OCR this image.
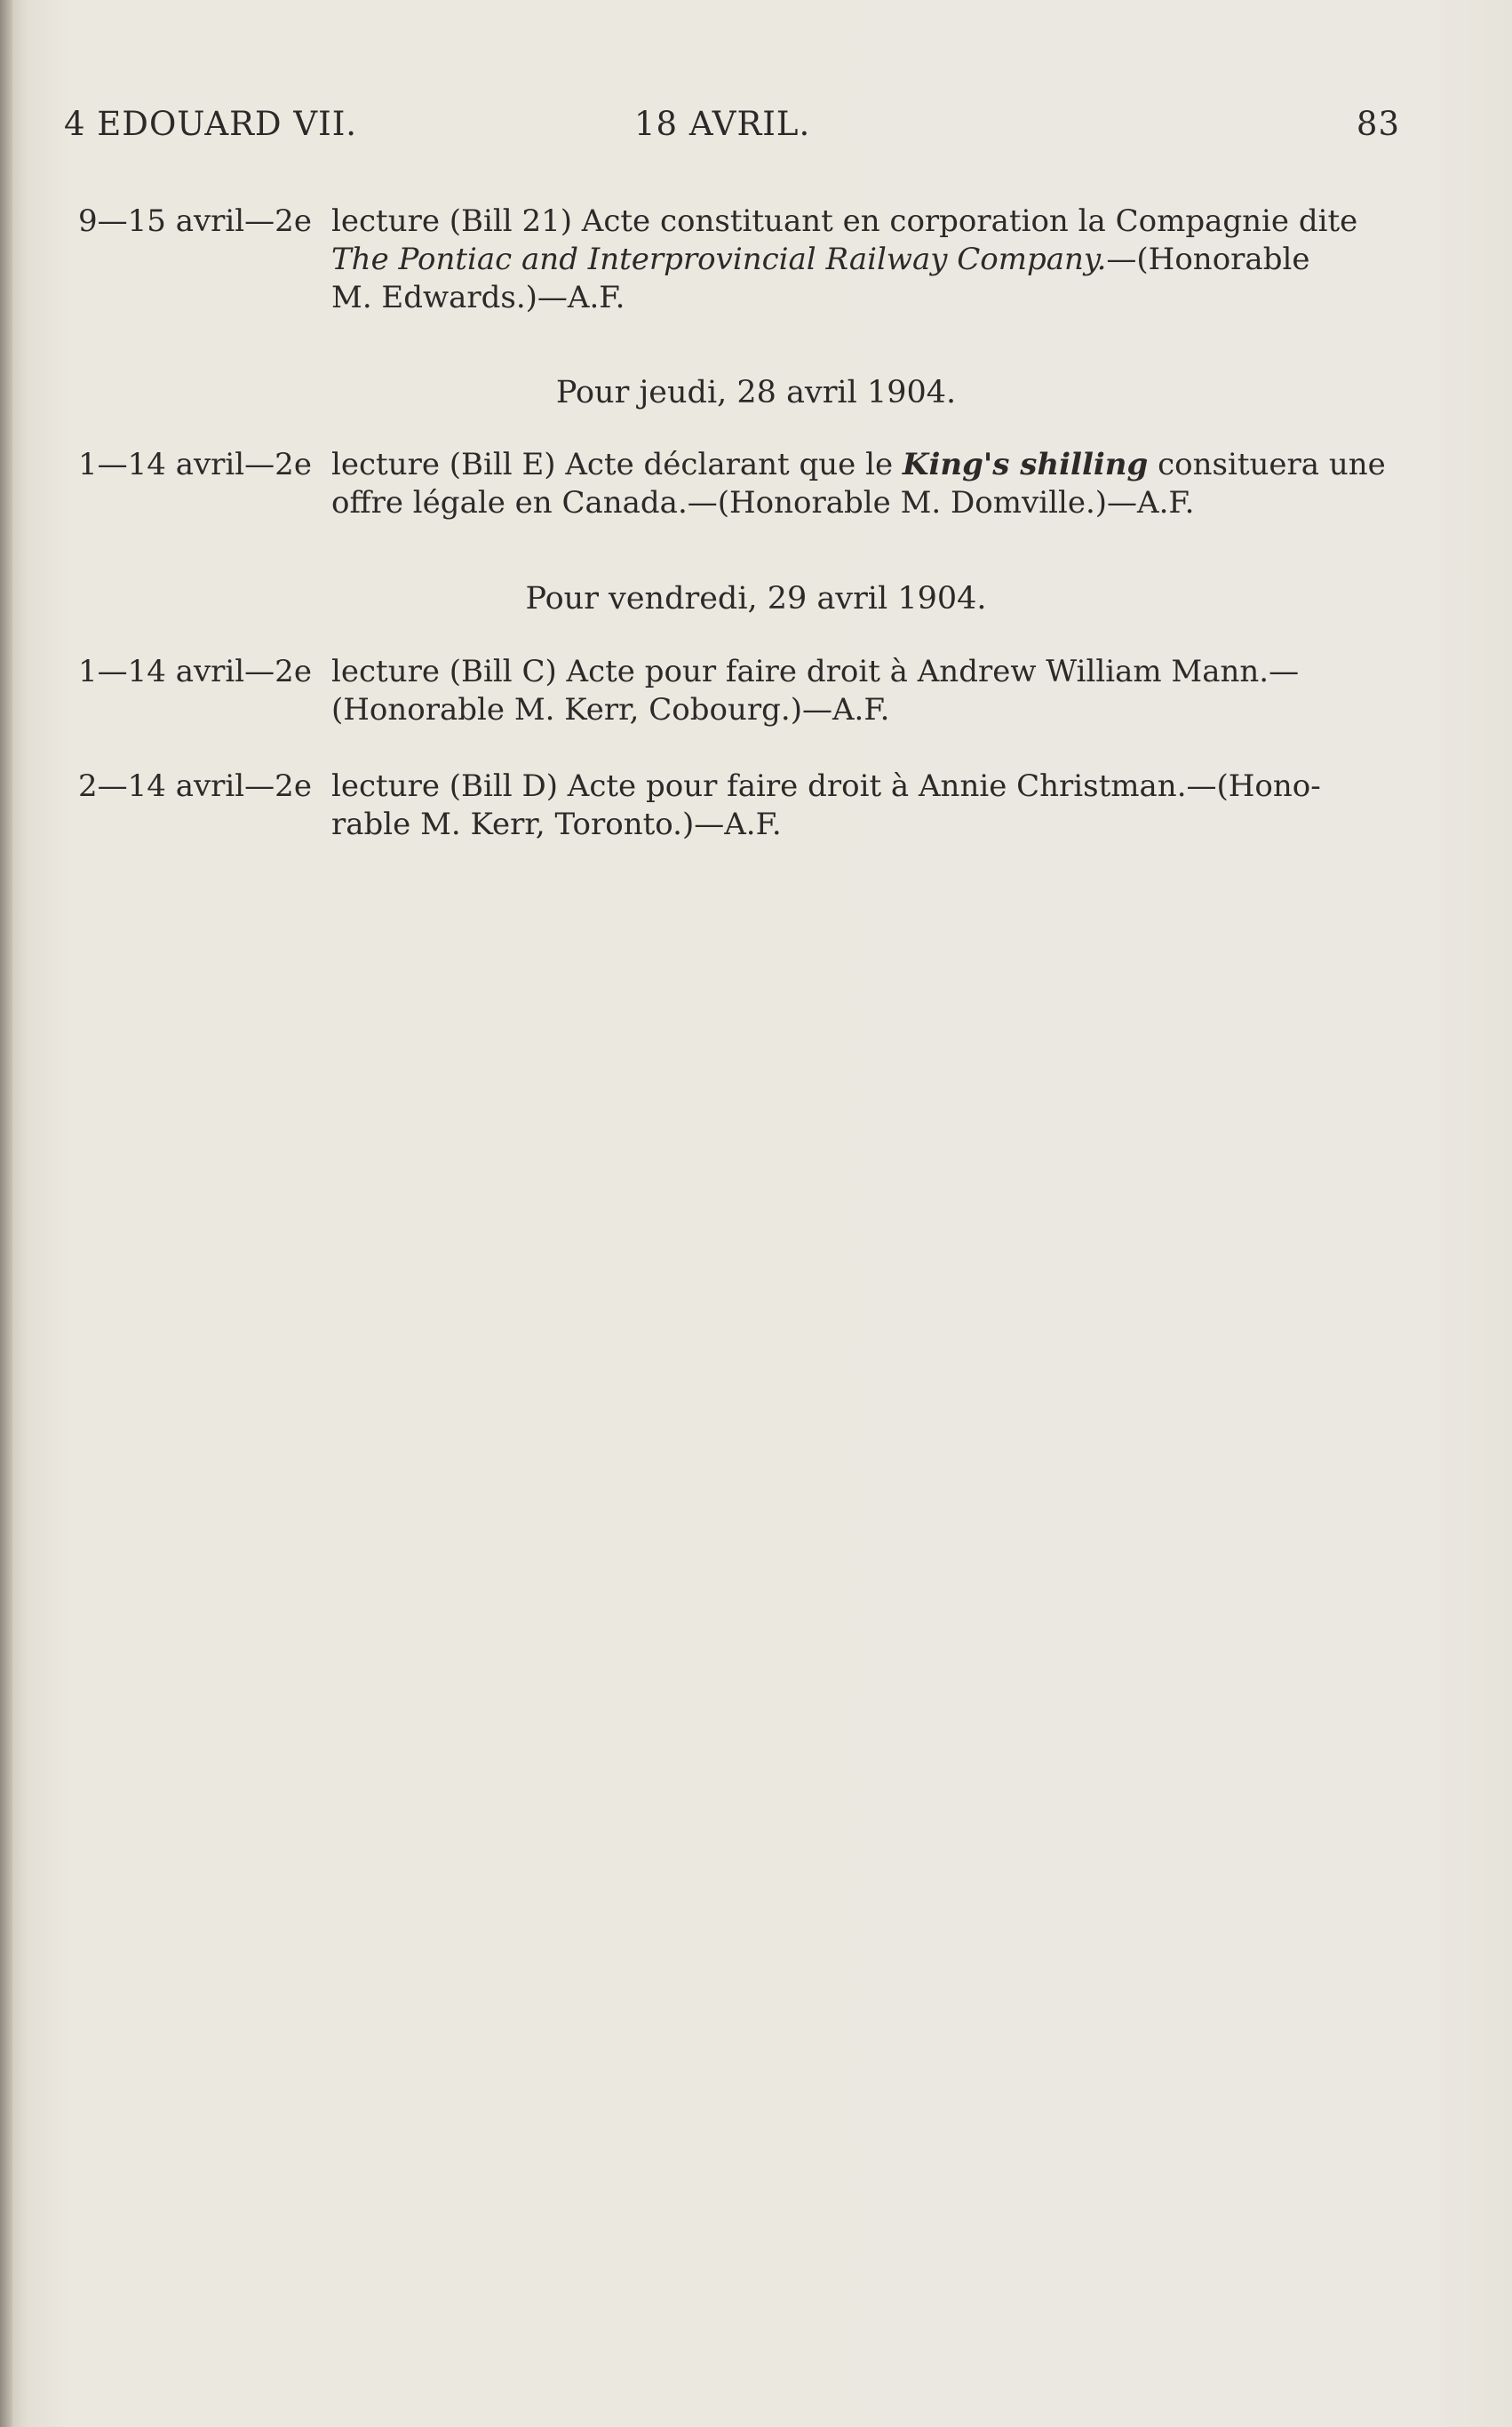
4 EDOUARD VII.	18 AVRIL.	83
9—15 avril—2e lecture (Bill 21) Acte constituant en corporation la Compagnie dite
The Pontiac and Interprovincial Railway Company.—(Honorable
M. Edwards.)—A.F.
Pour jeudi, 28 avril 1904.
1—14 avril—2e lecture (Bill E) Acte déclarant que le King's shilling consituera une
offre légale en Canada.—(Honorable M. Domville.)—A.F.
Pour vendredi, 29 avril 1904.
1—14 avril—2e lecture (Bill C) Acte pour faire droit à Andrew William Mann.—
(Honorable M. Kerr, Cobourg.)—A.F.
2—14 avril—2e lecture (Bill D) Acte pour faire droit à Annie Christman.—(Hono-
rable M. Kerr, Toronto.)—A.F.
